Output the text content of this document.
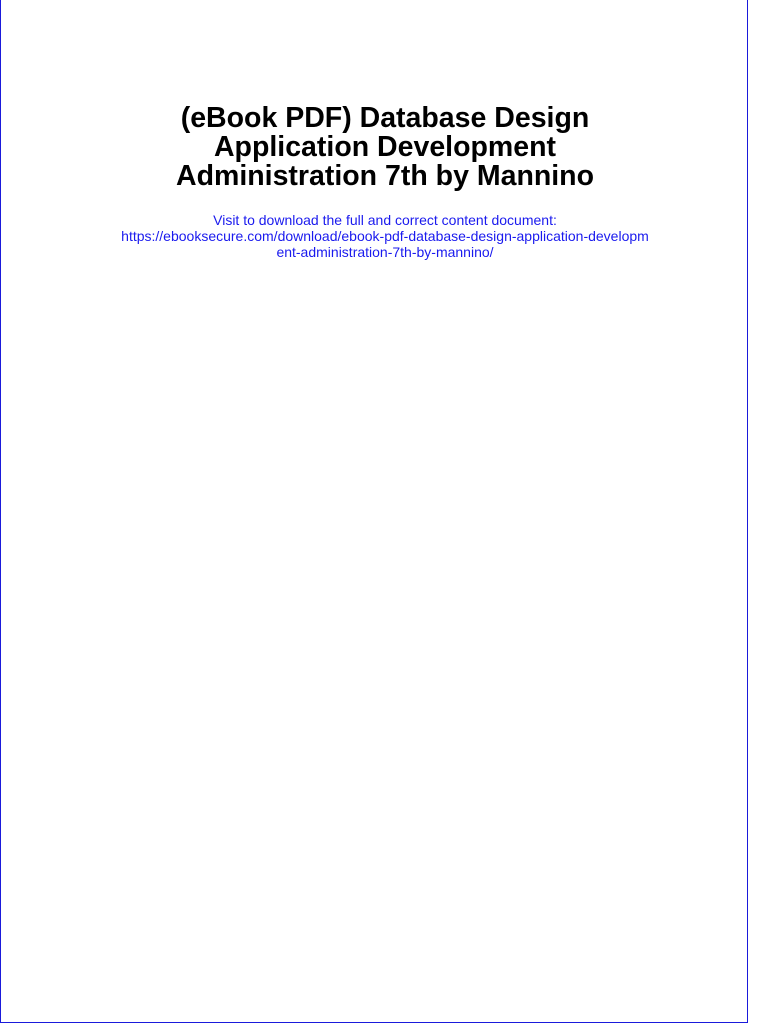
(eBook PDF) Database Design
Application Development
Administration 7th by Mannino
Visit to download the full and correct content document:
https://ebooksecure.com/download/ebook-pdf-database-design-application-developm
ent-administration-7th-by-mannino/
